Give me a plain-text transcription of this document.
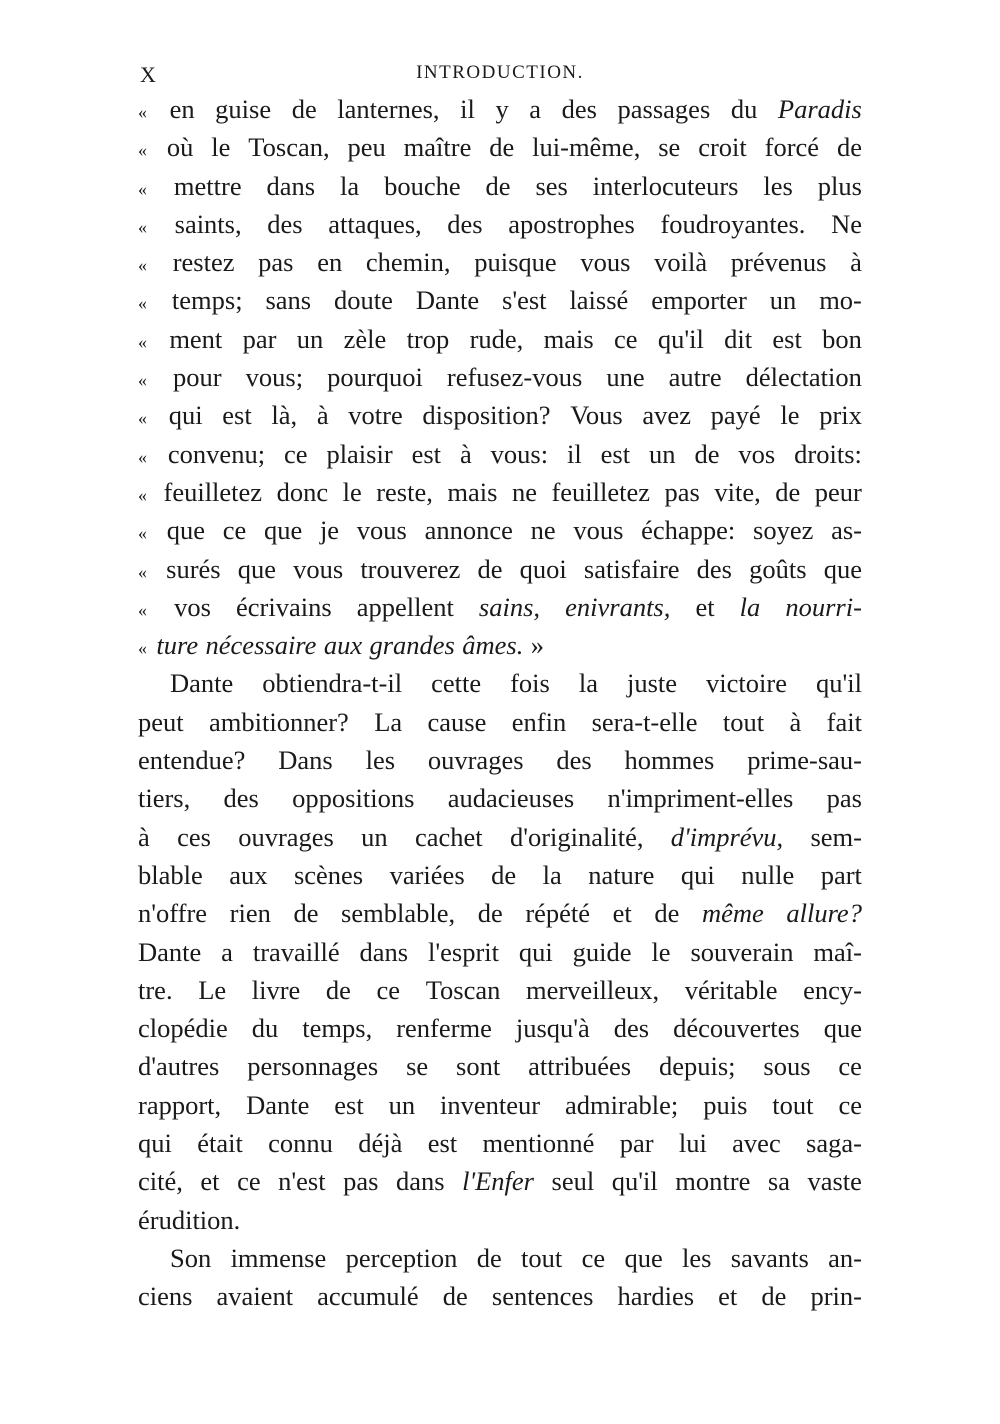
X	INTRODUCTION.
« en guise de lanternes, il y a des passages du Paradis
« où le Toscan, peu maître de lui-même, se croit forcé de
« mettre dans la bouche de ses interlocuteurs les plus
« saints, des attaques, des apostrophes foudroyantes. Ne
« restez pas en chemin, puisque vous voilà prévenus à
« temps; sans doute Dante s'est laissé emporter un mo-
« ment par un zèle trop rude, mais ce qu'il dit est bon
« pour vous; pourquoi refusez-vous une autre délectation
« qui est là, à votre disposition? Vous avez payé le prix
« convenu; ce plaisir est à vous: il est un de vos droits:
« feuilletez donc le reste, mais ne feuilletez pas vite, de peur
« que ce que je vous annonce ne vous échappe: soyez as-
« surés que vous trouverez de quoi satisfaire des goûts que
« vos écrivains appellent sains, enivrants, et la nourri-
« ture nécessaire aux grandes âmes. »
Dante obtiendra-t-il cette fois la juste victoire qu'il
peut ambitionner? La cause enfin sera-t-elle tout à fait
entendue? Dans les ouvrages des hommes prime-sau-
tiers, des oppositions audacieuses n'impriment-elles pas
à ces ouvrages un cachet d'originalité, d'imprévu, sem-
blable aux scènes variées de la nature qui nulle part
n'offre rien de semblable, de répété et de même allure?
Dante a travaillé dans l'esprit qui guide le souverain maî-
tre. Le livre de ce Toscan merveilleux, véritable ency-
clopédie du temps, renferme jusqu'à des découvertes que
d'autres personnages se sont attribuées depuis; sous ce
rapport, Dante est un inventeur admirable; puis tout ce
qui était connu déjà est mentionné par lui avec saga-
cité, et ce n'est pas dans l'Enfer seul qu'il montre sa vaste
érudition.
Son immense perception de tout ce que les savants an-
ciens avaient accumulé de sentences hardies et de prin-
